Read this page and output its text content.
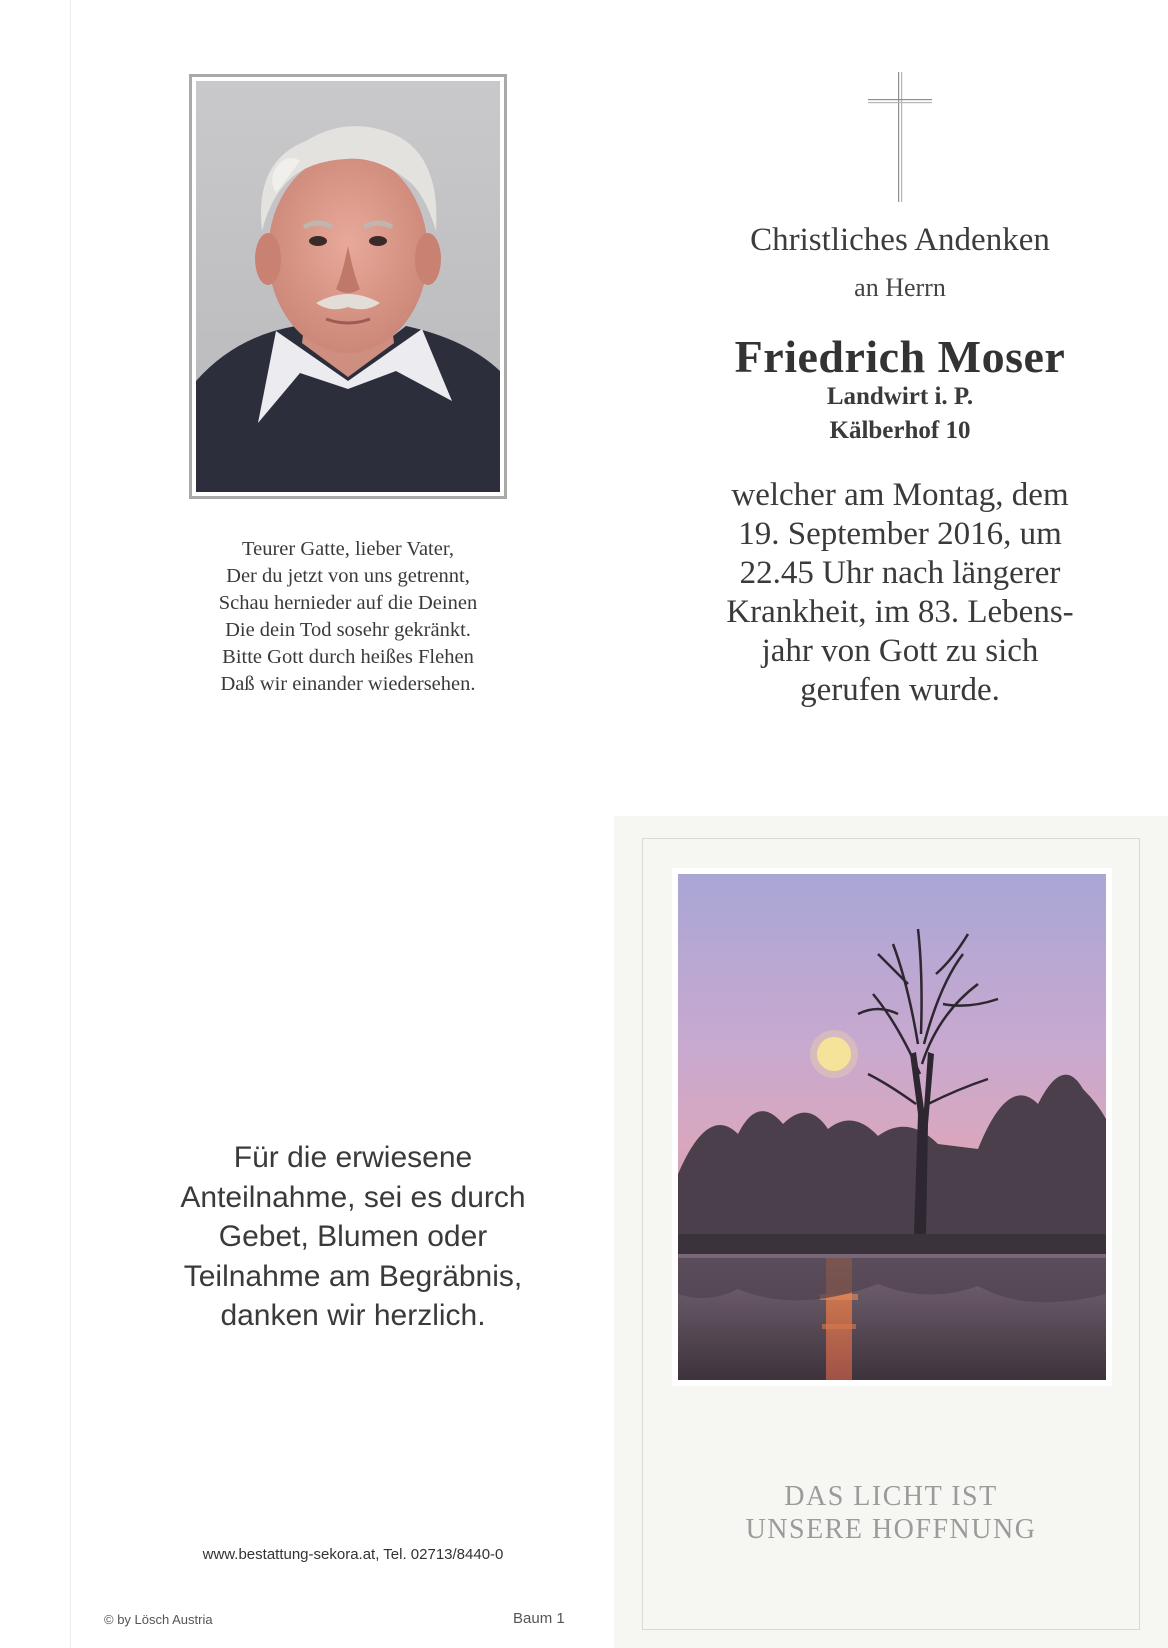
Teurer Gatte, lieber Vater,
Der du jetzt von uns getrennt,
Schau hernieder auf die Deinen
Die dein Tod sosehr gekränkt.
Bitte Gott durch heißes Flehen
Daß wir einander wiedersehen.
Christliches Andenken
an Herrn
Friedrich Moser
Landwirt i. P.
Kälberhof 10
welcher am Montag, dem
19. September 2016, um
22.45 Uhr nach längerer
Krankheit, im 83. Lebens-
jahr von Gott zu sich
gerufen wurde.
Für die erwiesene
Anteilnahme, sei es durch
Gebet, Blumen oder
Teilnahme am Begräbnis,
danken wir herzlich.
www.bestattung-sekora.at, Tel. 02713/8440-0
© by Lösch Austria	Baum 1
DAS LICHT IST
UNSERE HOFFNUNG
